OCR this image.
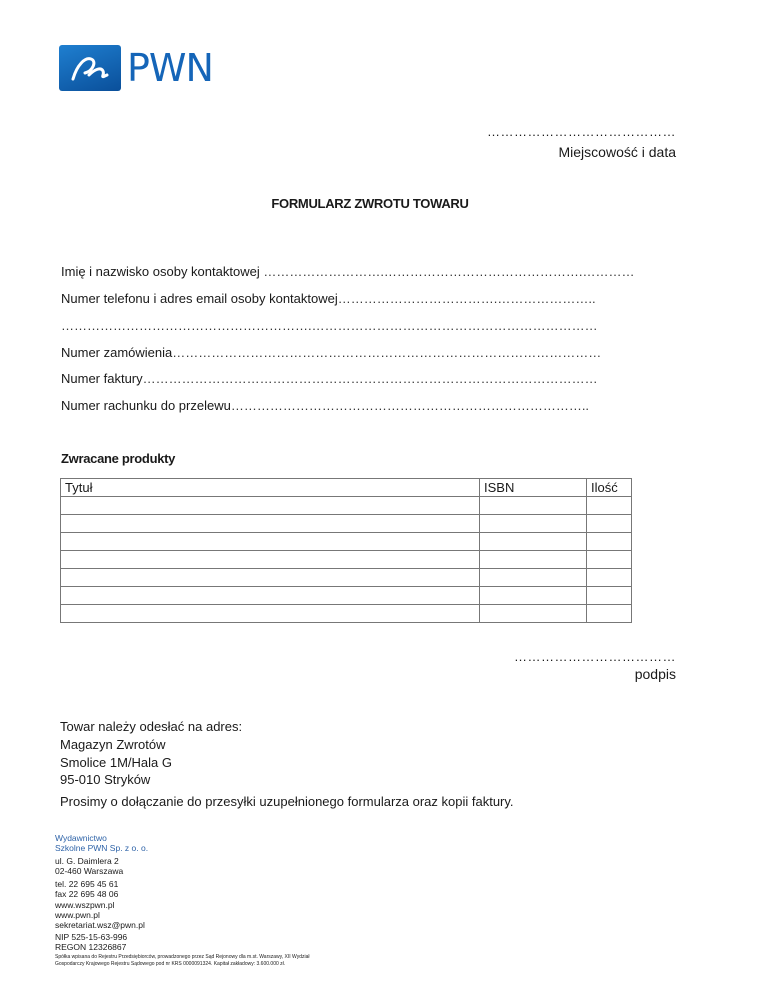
PWN
……………………………………
Miejscowość i data
FORMULARZ ZWROTU TOWARU
Imię i nazwisko osoby kontaktowej ……………………….……………………………………….…………
Numer telefonu i adres email osoby kontaktowej……………………………….…………………..
………………………………………………….…………………………………………………………
Numer zamówienia………………………………………………………………………………………
Numer faktury……………………………………………………………………………………………
Numer rachunku do przelewu………………………………………………………………………..
Zwracane produkty
Tytuł	ISBN	Ilość

………………………………
podpis
Towar należy odesłać na adres:
Magazyn Zwrotów
Smolice 1M/Hala G
95-010 Stryków
Prosimy o dołączanie do przesyłki uzupełnionego formularza oraz kopii faktury.
Wydawnictwo
Szkolne PWN Sp. z o. o.
ul. G. Daimlera 2
02-460 Warszawa
tel. 22 695 45 61
fax 22 695 48 06
www.wszpwn.pl
www.pwn.pl
sekretariat.wsz@pwn.pl
NIP 525-15-63-996
REGON 12326867
Spółka wpisana do Rejestru Przedsiębiorców, prowadzonego przez Sąd Rejonowy dla m.st. Warszawy, XII Wydział
Gospodarczy Krajowego Rejestru Sądowego pod nr KRS 0000091324. Kapitał zakładowy: 3.600.000 zł.
